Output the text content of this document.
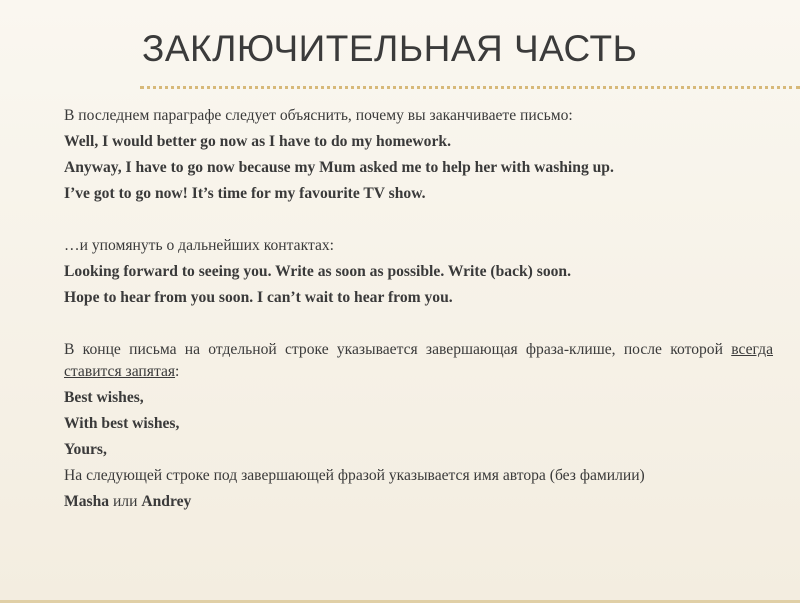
ЗАКЛЮЧИТЕЛЬНАЯ ЧАСТЬ

В последнем параграфе следует объяснить, почему вы заканчиваете письмо:

Well, I would better go now as I have to do my homework.

Anyway, I have to go now because my Mum asked me to help her with washing up.

I’ve got to go now! It’s time for my favourite TV show.

…и упомянуть о дальнейших контактах:

Looking forward to seeing you. Write as soon as possible. Write (back) soon.

Hope to hear from you soon. I can’t wait to hear from you.

В конце письма на отдельной строке указывается завершающая фраза-клише, после которой всегда ставится запятая:

Best wishes,

With best wishes,

Yours,

На следующей строке под завершающей фразой указывается имя автора (без фамилии)

Masha или Andrey
